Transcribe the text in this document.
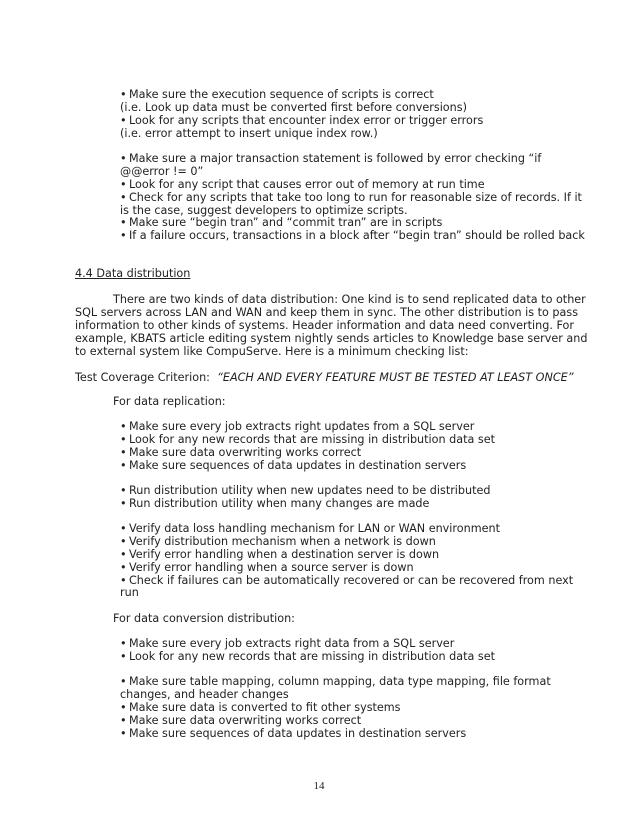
• Make sure the execution sequence of scripts is correct
(i.e. Look up data must be converted first before conversions)
• Look for any scripts that encounter index error or trigger errors
(i.e. error attempt to insert unique index row.)
• Make sure a major transaction statement is followed by error checking “if
@@error != 0”
• Look for any script that causes error out of memory at run time
• Check for any scripts that take too long to run for reasonable size of records. If it
is the case, suggest developers to optimize scripts.
• Make sure “begin tran” and “commit tran” are in scripts
• If a failure occurs, transactions in a block after “begin tran” should be rolled back
4.4 Data distribution
There are two kinds of data distribution: One kind is to send replicated data to other
SQL servers across LAN and WAN and keep them in sync. The other distribution is to pass
information to other kinds of systems. Header information and data need converting. For
example, KBATS article editing system nightly sends articles to Knowledge base server and
to external system like CompuServe. Here is a minimum checking list:
Test Coverage Criterion: “EACH AND EVERY FEATURE MUST BE TESTED AT LEAST ONCE”
For data replication:
• Make sure every job extracts right updates from a SQL server
• Look for any new records that are missing in distribution data set
• Make sure data overwriting works correct
• Make sure sequences of data updates in destination servers
• Run distribution utility when new updates need to be distributed
• Run distribution utility when many changes are made
• Verify data loss handling mechanism for LAN or WAN environment
• Verify distribution mechanism when a network is down
• Verify error handling when a destination server is down
• Verify error handling when a source server is down
• Check if failures can be automatically recovered or can be recovered from next
run
For data conversion distribution:
• Make sure every job extracts right data from a SQL server
• Look for any new records that are missing in distribution data set
• Make sure table mapping, column mapping, data type mapping, file format
changes, and header changes
• Make sure data is converted to fit other systems
• Make sure data overwriting works correct
• Make sure sequences of data updates in destination servers
14
